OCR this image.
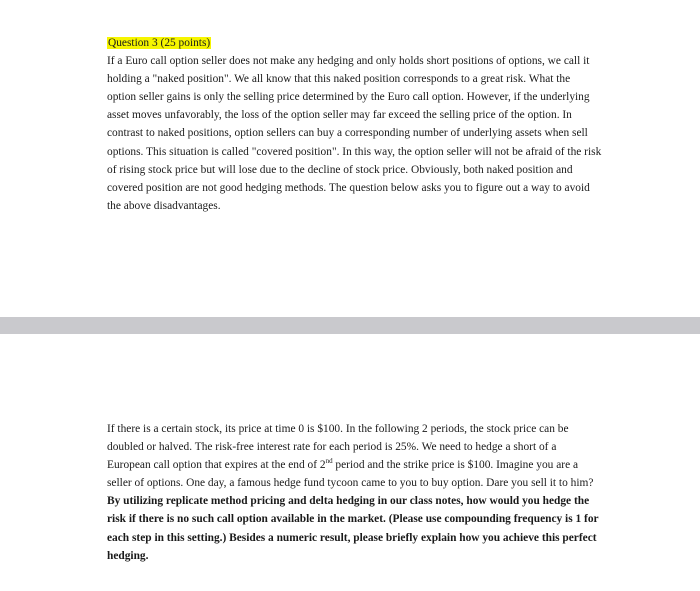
Question 3 (25 points)

If a Euro call option seller does not make any hedging and only holds short positions of options, we call it holding a "naked position". We all know that this naked position corresponds to a great risk. What the option seller gains is only the selling price determined by the Euro call option. However, if the underlying asset moves unfavorably, the loss of the option seller may far exceed the selling price of the option. In contrast to naked positions, option sellers can buy a corresponding number of underlying assets when sell options. This situation is called "covered position". In this way, the option seller will not be afraid of the risk of rising stock price but will lose due to the decline of stock price. Obviously, both naked position and covered position are not good hedging methods. The question below asks you to figure out a way to avoid the above disadvantages.

If there is a certain stock, its price at time 0 is $100. In the following 2 periods, the stock price can be doubled or halved. The risk-free interest rate for each period is 25%. We need to hedge a short of a European call option that expires at the end of 2nd period and the strike price is $100. Imagine you are a seller of options. One day, a famous hedge fund tycoon came to you to buy option. Dare you sell it to him? By utilizing replicate method pricing and delta hedging in our class notes, how would you hedge the risk if there is no such call option available in the market. (Please use compounding frequency is 1 for each step in this setting.) Besides a numeric result, please briefly explain how you achieve this perfect hedging.
